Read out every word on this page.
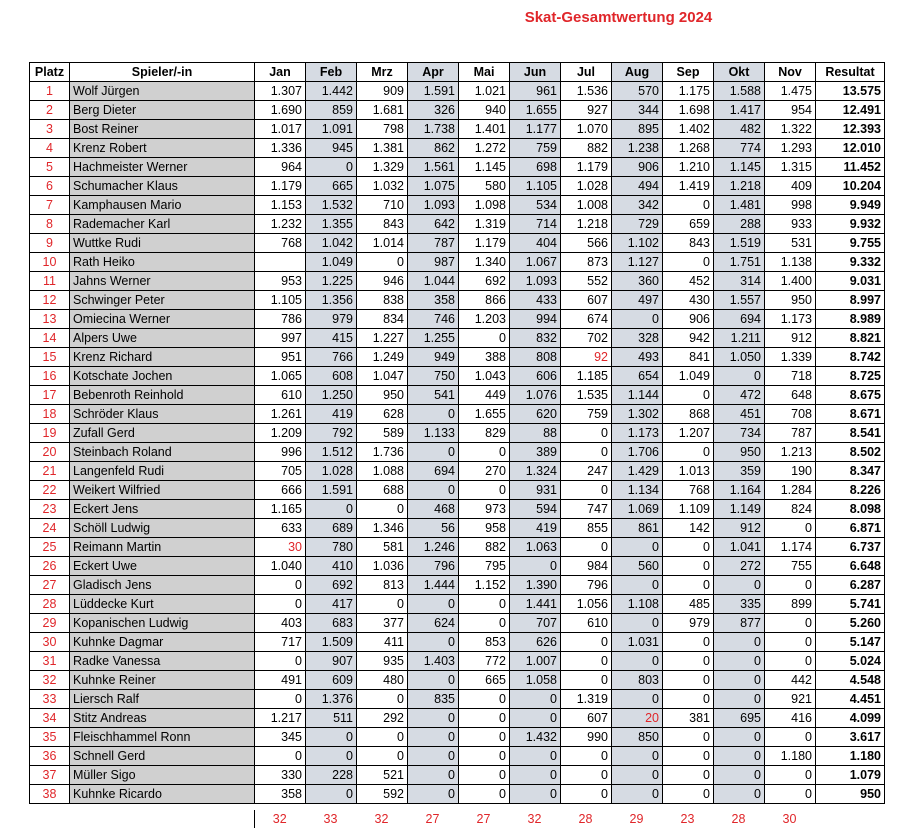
Skat-Gesamtwertung 2024
Platz	Spieler/-in	Jan	Feb	Mrz	Apr	Mai	Jun	Jul	Aug	Sep	Okt	Nov	Resultat
1	Wolf Jürgen	1.307	1.442	909	1.591	1.021	961	1.536	570	1.175	1.588	1.475	13.575
2	Berg Dieter	1.690	859	1.681	326	940	1.655	927	344	1.698	1.417	954	12.491
3	Bost Reiner	1.017	1.091	798	1.738	1.401	1.177	1.070	895	1.402	482	1.322	12.393
4	Krenz Robert	1.336	945	1.381	862	1.272	759	882	1.238	1.268	774	1.293	12.010
5	Hachmeister Werner	964	0	1.329	1.561	1.145	698	1.179	906	1.210	1.145	1.315	11.452
6	Schumacher Klaus	1.179	665	1.032	1.075	580	1.105	1.028	494	1.419	1.218	409	10.204
7	Kamphausen Mario	1.153	1.532	710	1.093	1.098	534	1.008	342	0	1.481	998	9.949
8	Rademacher Karl	1.232	1.355	843	642	1.319	714	1.218	729	659	288	933	9.932
9	Wuttke Rudi	768	1.042	1.014	787	1.179	404	566	1.102	843	1.519	531	9.755
10	Rath Heiko		1.049	0	987	1.340	1.067	873	1.127	0	1.751	1.138	9.332
11	Jahns Werner	953	1.225	946	1.044	692	1.093	552	360	452	314	1.400	9.031
12	Schwinger Peter	1.105	1.356	838	358	866	433	607	497	430	1.557	950	8.997
13	Omiecina Werner	786	979	834	746	1.203	994	674	0	906	694	1.173	8.989
14	Alpers Uwe	997	415	1.227	1.255	0	832	702	328	942	1.211	912	8.821
15	Krenz Richard	951	766	1.249	949	388	808	92	493	841	1.050	1.339	8.742
16	Kotschate Jochen	1.065	608	1.047	750	1.043	606	1.185	654	1.049	0	718	8.725
17	Bebenroth Reinhold	610	1.250	950	541	449	1.076	1.535	1.144	0	472	648	8.675
18	Schröder Klaus	1.261	419	628	0	1.655	620	759	1.302	868	451	708	8.671
19	Zufall Gerd	1.209	792	589	1.133	829	88	0	1.173	1.207	734	787	8.541
20	Steinbach Roland	996	1.512	1.736	0	0	389	0	1.706	0	950	1.213	8.502
21	Langenfeld Rudi	705	1.028	1.088	694	270	1.324	247	1.429	1.013	359	190	8.347
22	Weikert Wilfried	666	1.591	688	0	0	931	0	1.134	768	1.164	1.284	8.226
23	Eckert Jens	1.165	0	0	468	973	594	747	1.069	1.109	1.149	824	8.098
24	Schöll Ludwig	633	689	1.346	56	958	419	855	861	142	912	0	6.871
25	Reimann Martin	30	780	581	1.246	882	1.063	0	0	0	1.041	1.174	6.737
26	Eckert Uwe	1.040	410	1.036	796	795	0	984	560	0	272	755	6.648
27	Gladisch Jens	0	692	813	1.444	1.152	1.390	796	0	0	0	0	6.287
28	Lüddecke Kurt	0	417	0	0	0	1.441	1.056	1.108	485	335	899	5.741
29	Kopanischen Ludwig	403	683	377	624	0	707	610	0	979	877	0	5.260
30	Kuhnke Dagmar	717	1.509	411	0	853	626	0	1.031	0	0	0	5.147
31	Radke Vanessa	0	907	935	1.403	772	1.007	0	0	0	0	0	5.024
32	Kuhnke Reiner	491	609	480	0	665	1.058	0	803	0	0	442	4.548
33	Liersch Ralf	0	1.376	0	835	0	0	1.319	0	0	0	921	4.451
34	Stitz Andreas	1.217	511	292	0	0	0	607	20	381	695	416	4.099
35	Fleischhammel Ronn	345	0	0	0	0	1.432	990	850	0	0	0	3.617
36	Schnell Gerd	0	0	0	0	0	0	0	0	0	0	1.180	1.180
37	Müller Sigo	330	228	521	0	0	0	0	0	0	0	0	1.079
38	Kuhnke Ricardo	358	0	592	0	0	0	0	0	0	0	0	950
		32	33	32	27	27	32	28	29	23	28	30	
